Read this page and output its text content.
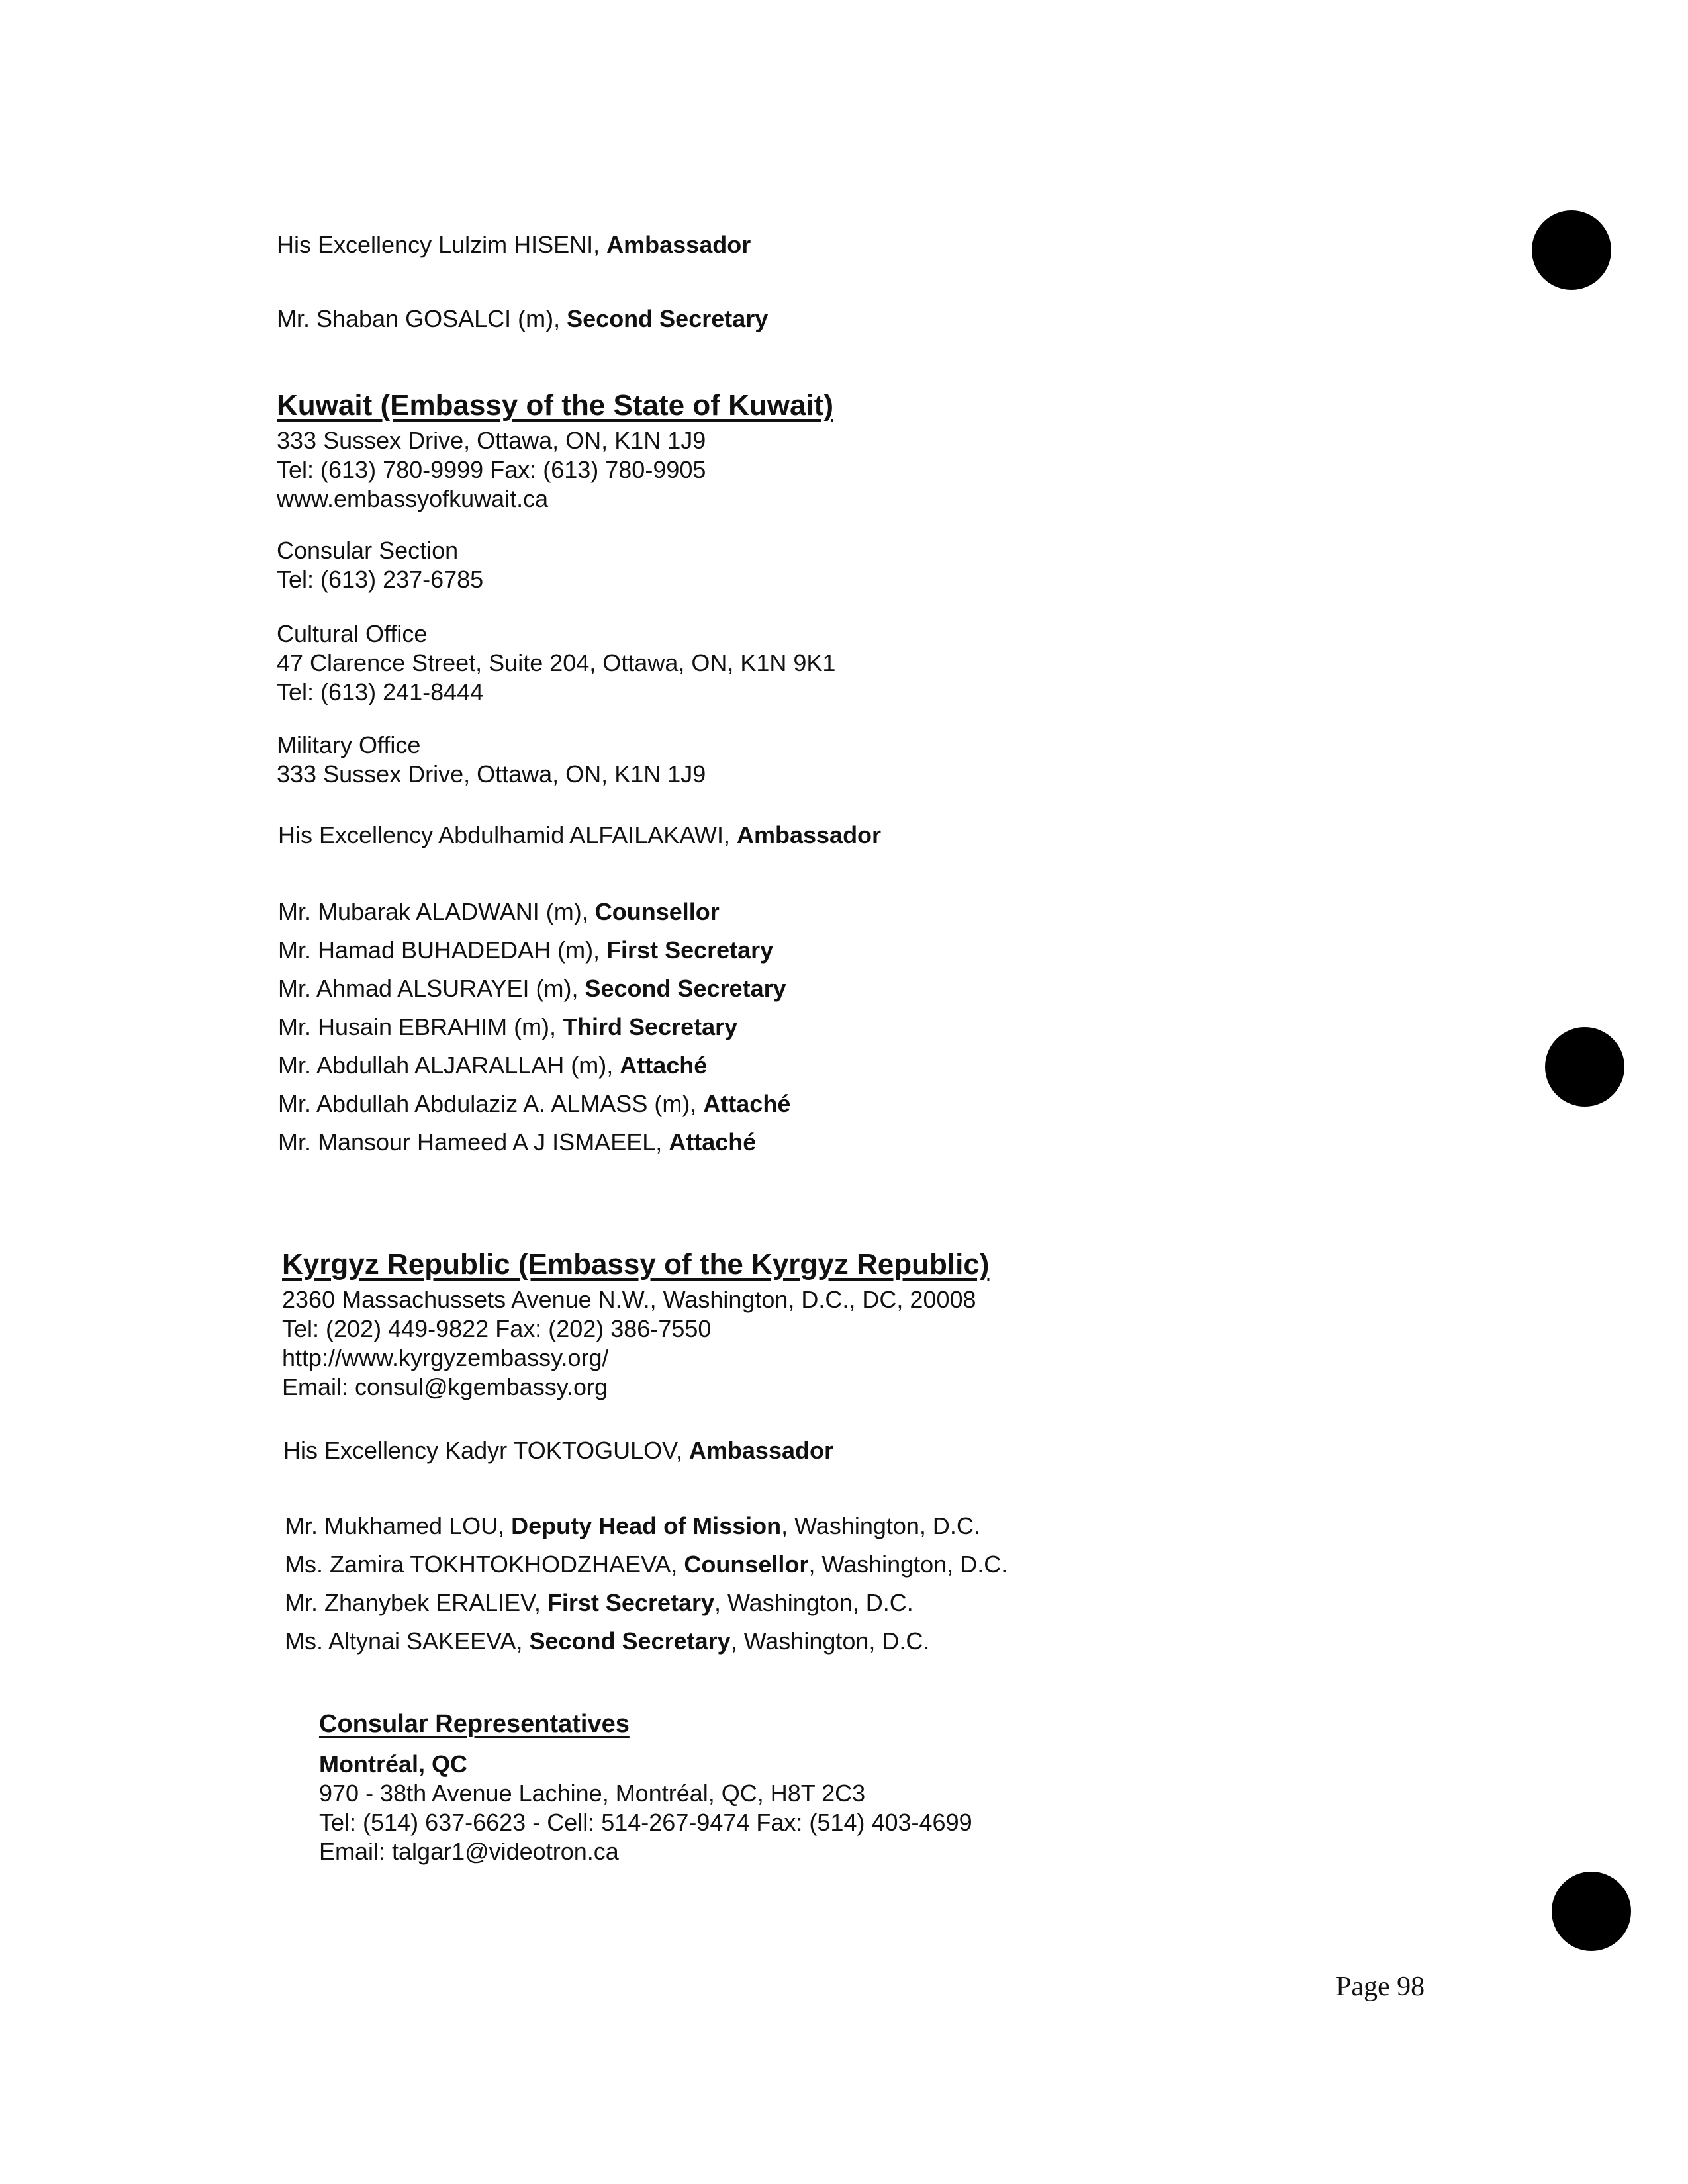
His Excellency Lulzim HISENI, Ambassador
Mr. Shaban GOSALCI (m), Second Secretary
Kuwait (Embassy of the State of Kuwait)
333 Sussex Drive, Ottawa, ON, K1N 1J9
Tel: (613) 780-9999 Fax: (613) 780-9905
www.embassyofkuwait.ca
Consular Section
Tel: (613) 237-6785
Cultural Office
47 Clarence Street, Suite 204, Ottawa, ON, K1N 9K1
Tel: (613) 241-8444
Military Office
333 Sussex Drive, Ottawa, ON, K1N 1J9
His Excellency Abdulhamid ALFAILAKAWI, Ambassador
Mr. Mubarak ALADWANI (m), Counsellor
Mr. Hamad BUHADEDAH (m), First Secretary
Mr. Ahmad ALSURAYEI (m), Second Secretary
Mr. Husain EBRAHIM (m), Third Secretary
Mr. Abdullah ALJARALLAH (m), Attaché
Mr. Abdullah Abdulaziz A. ALMASS (m), Attaché
Mr. Mansour Hameed A J ISMAEEL, Attaché
Kyrgyz Republic (Embassy of the Kyrgyz Republic)
2360 Massachussets Avenue N.W., Washington, D.C., DC, 20008
Tel: (202) 449-9822 Fax: (202) 386-7550
http://www.kyrgyzembassy.org/
Email: consul@kgembassy.org
His Excellency Kadyr TOKTOGULOV, Ambassador
Mr. Mukhamed LOU, Deputy Head of Mission, Washington, D.C.
Ms. Zamira TOKHTOKHODZHAEVA, Counsellor, Washington, D.C.
Mr. Zhanybek ERALIEV, First Secretary, Washington, D.C.
Ms. Altynai SAKEEVA, Second Secretary, Washington, D.C.
Consular Representatives
Montréal, QC
970 - 38th Avenue Lachine, Montréal, QC, H8T 2C3
Tel: (514) 637-6623 - Cell: 514-267-9474 Fax: (514) 403-4699
Email: talgar1@videotron.ca
Page 98
